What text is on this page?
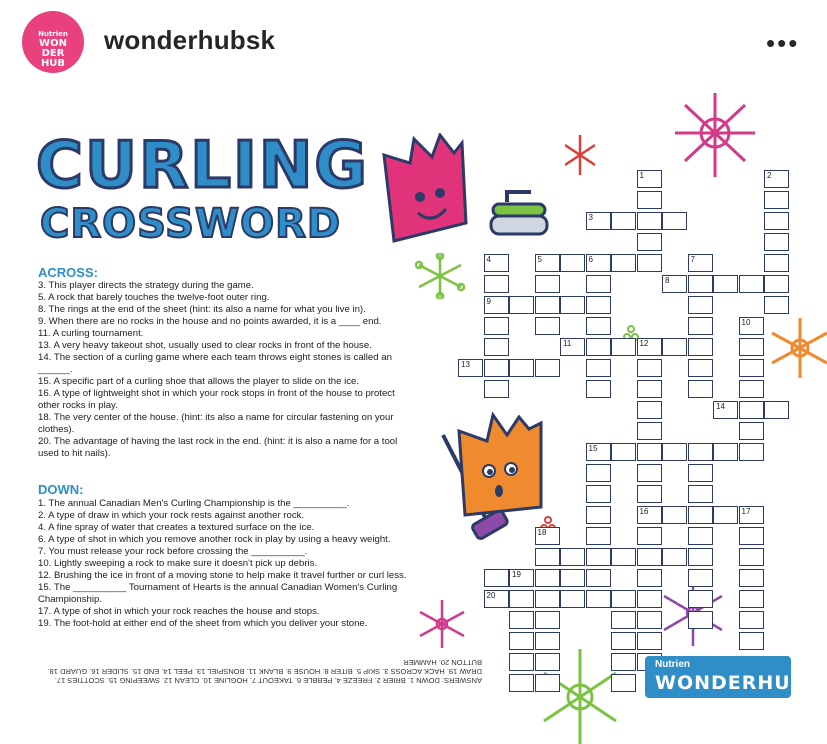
Nutrien
WON
DER
HUB
wonderhubsk	•••
CURLING
CROSSWORD
ACROSS:
3. This player directs the strategy during the game.
5. A rock that barely touches the twelve-foot outer ring.
8. The rings at the end of the sheet (hint: its also a name for what you live in).
9. When there are no rocks in the house and no points awarded, it is a ____ end.
11. A curling tournament.
13. A very heavy takeout shot, usually used to clear rocks in front of the house.
14. The section of a curling game where each team throws eight stones is called an
______.
15. A specific part of a curling shoe that allows the player to slide on the ice.
16. A type of lightweight shot in which your rock stops in front of the house to protect
other rocks in play.
18. The very center of the house. (hint: its also a name for circular fastening on your
clothes).
20. The advantage of having the last rock in the end. (hint: it is also a name for a tool
used to hit nails).
DOWN:
1. The annual Canadian Men's Curling Championship is the __________.
2. A type of draw in which your rock rests against another rock.
4. A fine spray of water that creates a textured surface on the ice.
6. A type of shot in which you remove another rock in play by using a heavy weight.
7. You must release your rock before crossing the __________.
10. Lightly sweeping a rock to make sure it doesn't pick up debris.
12. Brushing the ice in front of a moving stone to help make it travel further or curl less.
15. The __________ Tournament of Hearts is the annual Canadian Women's Curling
Championship.
17. A type of shot in which your rock reaches the house and stops.
19. The foot-hold at either end of the sheet from which you deliver your stone.
ANSWERS: DOWN 1. BRIER 2. FREEZE 4. PEBBLE 6. TAKEOUT 7. HOGLINE 10. CLEAN 12. SWEEPING 15. SCOTTIES 17.
DRAW 19. HACK ACROSS 3. SKIP 5. BITER 8. HOUSE 9. BLANK 11. BONSPIEL 13. PEEL 14. END 15. SLIDER 16. GUARD 18.
BUTTON 20. HAMMER
1	2
3
4	5	6	7
8
9
10
11	12
13
14
15
16	17
18
19
20
Nutrien
WONDERHUB
